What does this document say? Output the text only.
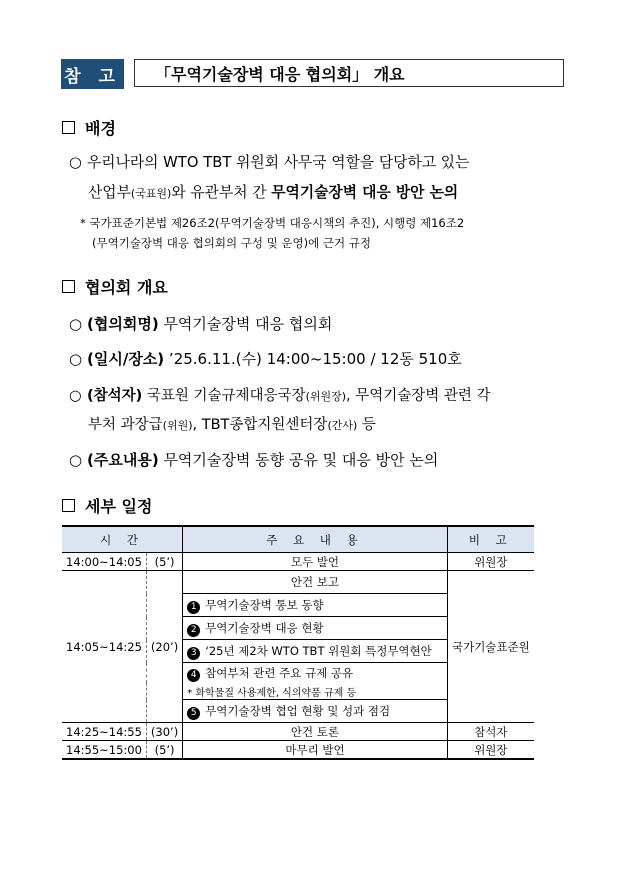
참 고	「무역기술장벽 대응 협의회」 개요
배경
○ 우리나라의 WTO TBT 위원회 사무국 역할을 담당하고 있는
산업부(국표원)와 유관부처 간 무역기술장벽 대응 방안 논의
* 국가표준기본법 제26조2(무역기술장벽 대응시책의 추진), 시행령 제16조2
(무역기술장벽 대응 협의회의 구성 및 운영)에 근거 규정
협의회 개요
○ (협의회명) 무역기술장벽 대응 협의회
○ (일시/장소) ’25.6.11.(수) 14:00~15:00 / 12동 510호
○ (참석자) 국표원 기술규제대응국장(위원장), 무역기술장벽 관련 각
부처 과장급(위원), TBT종합지원센터장(간사) 등
○ (주요내용) 무역기술장벽 동향 공유 및 대응 방안 논의
세부 일정
시 간		주 요 내 용	비 고
14:00~14:05	(5’)	모두 발언	위원장
14:05~14:25	(20’)	안건 보고	국가기술표준원
		1 무역기술장벽 통보 동향	
		2 무역기술장벽 대응 현황	
		3 ‘25년 제2차 WTO TBT 위원회 특정무역현안	
		4 참여부처 관련 주요 규제 공유	
		* 화학물질 사용제한, 식의약품 규제 등	
		5 무역기술장벽 협업 현황 및 성과 점검	
14:25~14:55	(30’)	안건 토론	참석자
14:55~15:00	(5’)	마무리 발언	위원장
